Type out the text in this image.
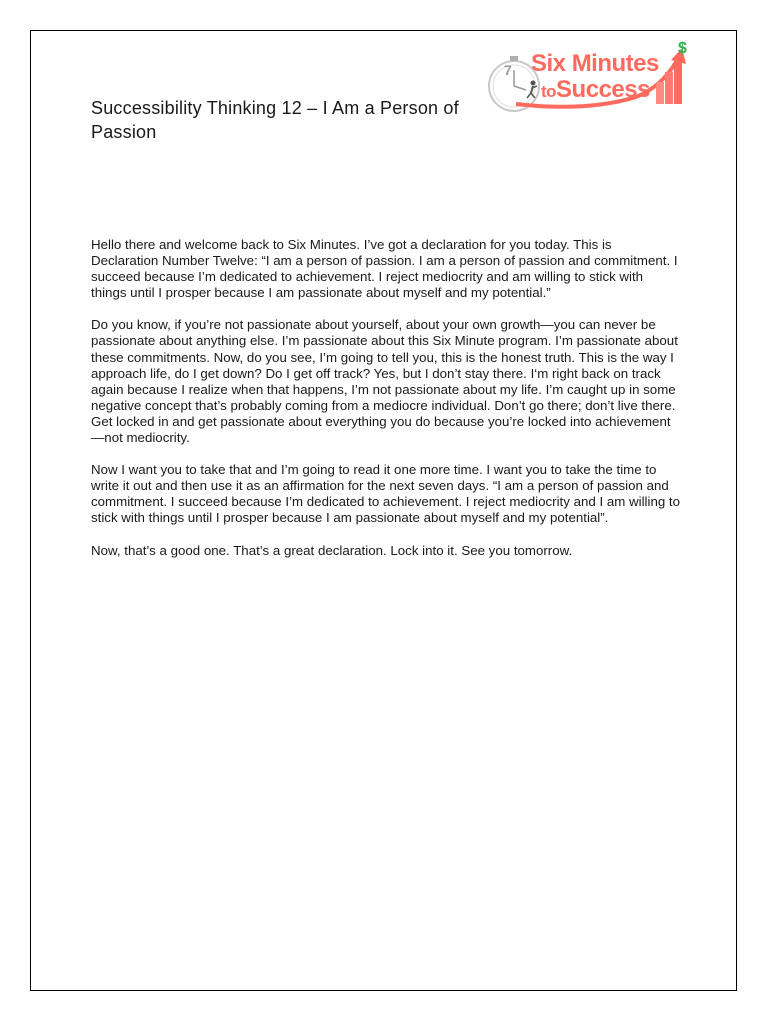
7
$
Six Minutes
toSuccess
Successibility Thinking 12 – I Am a Person of Passion

Hello there and welcome back to Six Minutes. I’ve got a declaration for you today. This is Declaration Number Twelve: “I am a person of passion. I am a person of passion and commitment. I succeed because I’m dedicated to achievement. I reject mediocrity and am willing to stick with things until I prosper because I am passionate about myself and my potential.”

Do you know, if you’re not passionate about yourself, about your own growth—you can never be passionate about anything else. I’m passionate about this Six Minute program. I’m passionate about these commitments. Now, do you see, I’m going to tell you, this is the honest truth. This is the way I approach life, do I get down? Do I get off track? Yes, but I don’t stay there. I‘m right back on track again because I realize when that happens, I’m not passionate about my life. I’m caught up in some negative concept that’s probably coming from a mediocre individual. Don’t go there; don’t live there. Get locked in and get passionate about everything you do because you’re locked into achievement—not mediocrity.

Now I want you to take that and I’m going to read it one more time. I want you to take the time to write it out and then use it as an affirmation for the next seven days. “I am a person of passion and commitment. I succeed because I’m dedicated to achievement. I reject mediocrity and I am willing to stick with things until I prosper because I am passionate about myself and my potential”.

Now, that’s a good one. That’s a great declaration. Lock into it. See you tomorrow.
